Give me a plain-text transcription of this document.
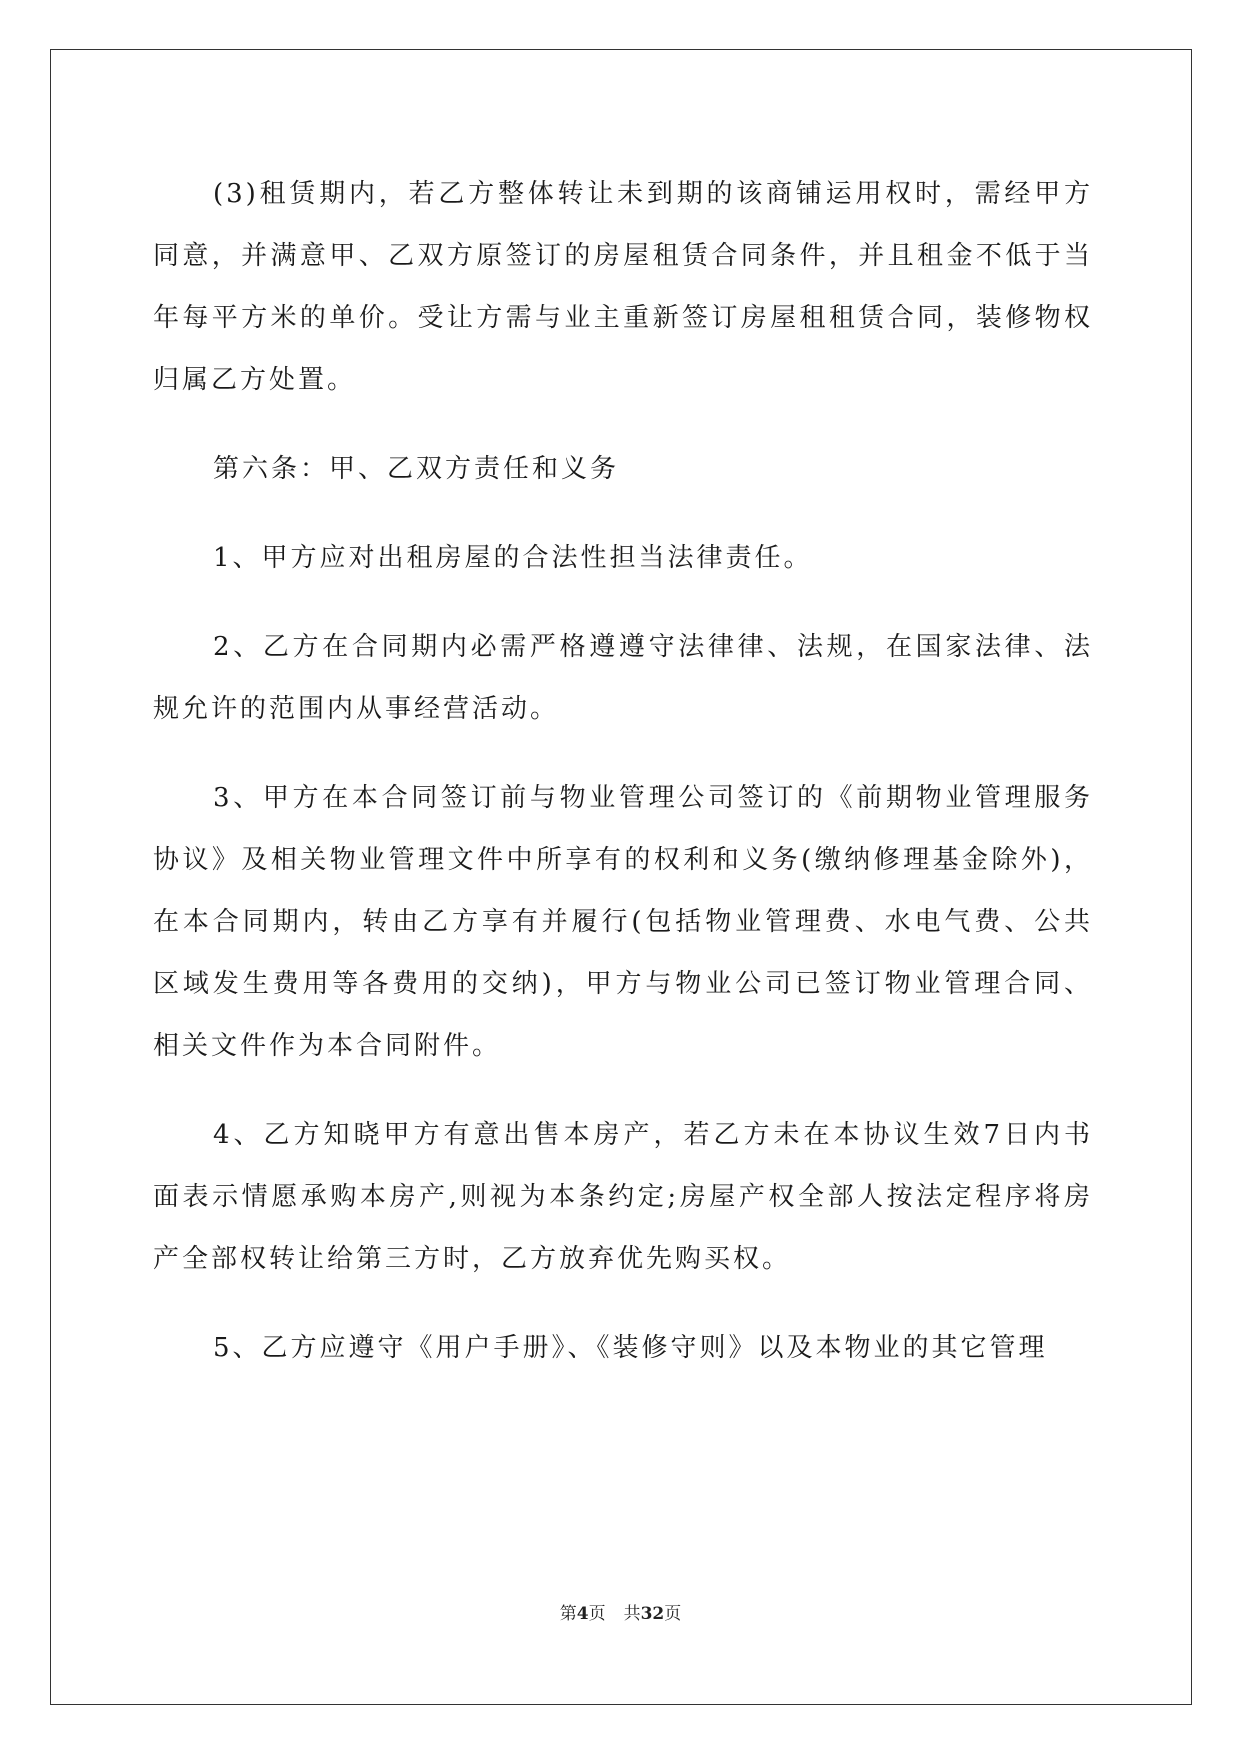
(3)租赁期内，若乙方整体转让未到期的该商铺运用权时，需经甲方同意，并满意甲、乙双方原签订的房屋租赁合同条件，并且租金不低于当年每平方米的单价。受让方需与业主重新签订房屋租租赁合同，装修物权归属乙方处置。

第六条：甲、乙双方责任和义务

1、甲方应对出租房屋的合法性担当法律责任。

2、乙方在合同期内必需严格遵遵守法律律、法规，在国家法律、法规允许的范围内从事经营活动。

3、甲方在本合同签订前与物业管理公司签订的《前期物业管理服务协议》及相关物业管理文件中所享有的权利和义务(缴纳修理基金除外)，在本合同期内，转由乙方享有并履行(包括物业管理费、水电气费、公共区域发生费用等各费用的交纳)，甲方与物业公司已签订物业管理合同、相关文件作为本合同附件。

4、乙方知晓甲方有意出售本房产，若乙方未在本协议生效7日内书面表示情愿承购本房产,则视为本条约定;房屋产权全部人按法定程序将房产全部权转让给第三方时，乙方放弃优先购买权。

5、乙方应遵守《用户手册》、《装修守则》以及本物业的其它管理

第4页 共32页
